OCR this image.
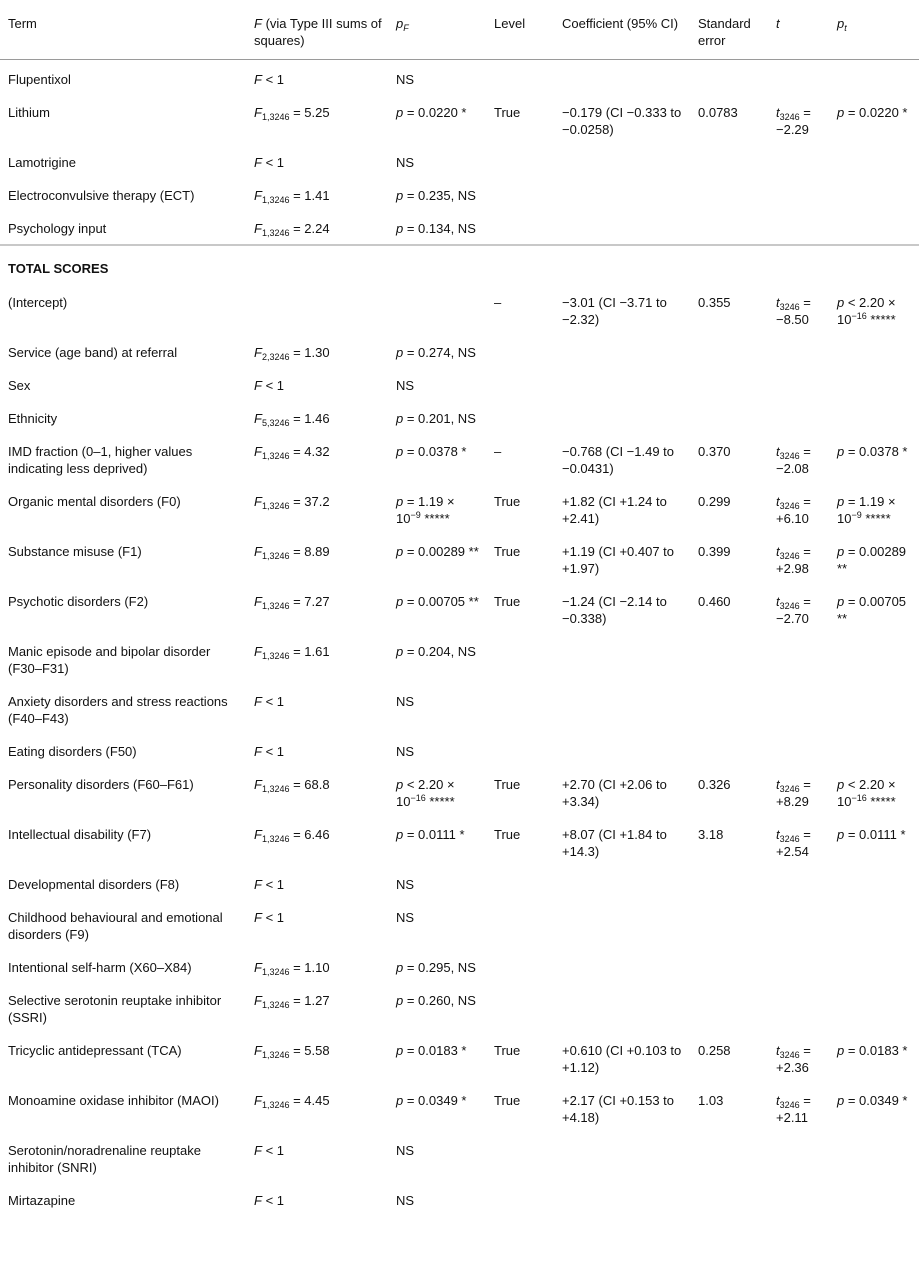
Term	F (via Type III sums of squares)	$p_F$	Level	Coefficient (95% CI)	Standard error	t	$p_t$
Flupentixol	F < 1	NS					
Lithium	$F_{1,3246} = 5.25$	p = 0.0220 *	True	−0.179 (CI −0.333 to −0.0258)	0.0783	$t_{3246} = -2.29$	p = 0.0220 *
Lamotrigine	F < 1	NS					
Electroconvulsive therapy (ECT)	$F_{1,3246} = 1.41$	p = 0.235, NS					
Psychology input	$F_{1,3246} = 2.24$	p = 0.134, NS					
TOTAL SCORES							
(Intercept)			–	−3.01 (CI −3.71 to −2.32)	0.355	$t_{3246} = -8.50$	$p < 2.20 \times 10^{-16}$ *****
Service (age band) at referral	$F_{2,3246} = 1.30$	p = 0.274, NS					
Sex	F < 1	NS					
Ethnicity	$F_{5,3246} = 1.46$	p = 0.201, NS					
IMD fraction (0–1, higher values indicating less deprived)	$F_{1,3246} = 4.32$	p = 0.0378 *	–	−0.768 (CI −1.49 to −0.0431)	0.370	$t_{3246} = -2.08$	p = 0.0378 *
Organic mental disorders (F0)	$F_{1,3246} = 37.2$	$p = 1.19 \times 10^{-9}$ *****	True	+1.82 (CI +1.24 to +2.41)	0.299	$t_{3246} = +6.10$	$p = 1.19 \times 10^{-9}$ *****
Substance misuse (F1)	$F_{1,3246} = 8.89$	p = 0.00289 **	True	+1.19 (CI +0.407 to +1.97)	0.399	$t_{3246} = +2.98$	p = 0.00289 **
Psychotic disorders (F2)	$F_{1,3246} = 7.27$	p = 0.00705 **	True	−1.24 (CI −2.14 to −0.338)	0.460	$t_{3246} = -2.70$	p = 0.00705 **
Manic episode and bipolar disorder (F30–F31)	$F_{1,3246} = 1.61$	p = 0.204, NS					
Anxiety disorders and stress reactions (F40–F43)	F < 1	NS					
Eating disorders (F50)	F < 1	NS					
Personality disorders (F60–F61)	$F_{1,3246} = 68.8$	$p < 2.20 \times 10^{-16}$ *****	True	+2.70 (CI +2.06 to +3.34)	0.326	$t_{3246} = +8.29$	$p < 2.20 \times 10^{-16}$ *****
Intellectual disability (F7)	$F_{1,3246} = 6.46$	p = 0.0111 *	True	+8.07 (CI +1.84 to +14.3)	3.18	$t_{3246} = +2.54$	p = 0.0111 *
Developmental disorders (F8)	F < 1	NS					
Childhood behavioural and emotional disorders (F9)	F < 1	NS					
Intentional self-harm (X60–X84)	$F_{1,3246} = 1.10$	p = 0.295, NS					
Selective serotonin reuptake inhibitor (SSRI)	$F_{1,3246} = 1.27$	p = 0.260, NS					
Tricyclic antidepressant (TCA)	$F_{1,3246} = 5.58$	p = 0.0183 *	True	+0.610 (CI +0.103 to +1.12)	0.258	$t_{3246} = +2.36$	p = 0.0183 *
Monoamine oxidase inhibitor (MAOI)	$F_{1,3246} = 4.45$	p = 0.0349 *	True	+2.17 (CI +0.153 to +4.18)	1.03	$t_{3246} = +2.11$	p = 0.0349 *
Serotonin/noradrenaline reuptake inhibitor (SNRI)	F < 1	NS					
Mirtazapine	F < 1	NS					
